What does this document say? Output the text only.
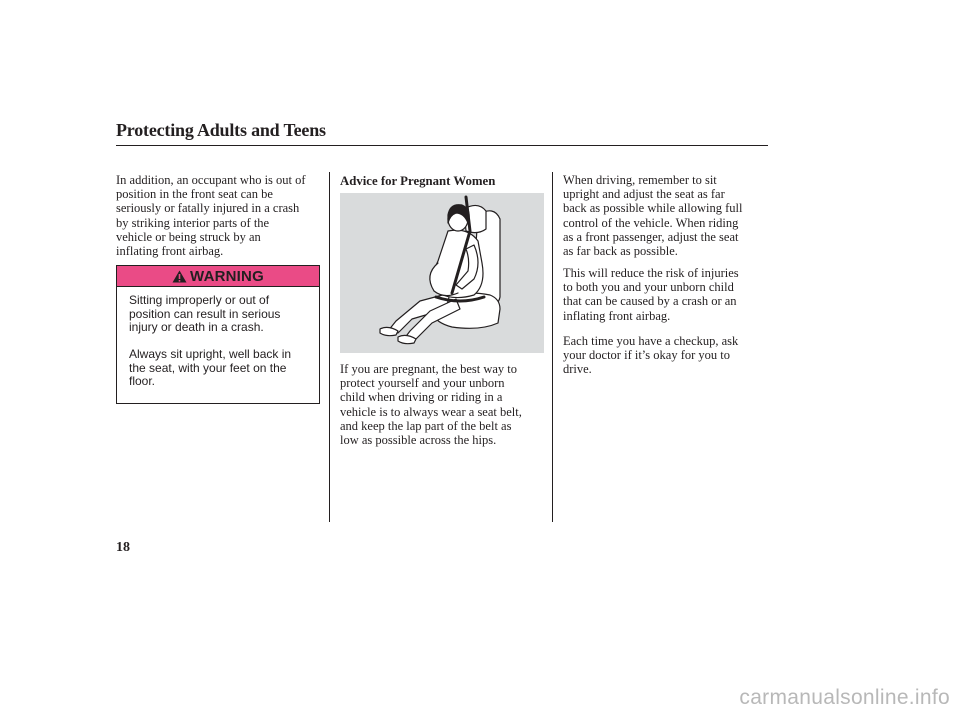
Protecting Adults and Teens

In addition, an occupant who is out of
position in the front seat can be
seriously or fatally injured in a crash
by striking interior parts of the
vehicle or being struck by an
inflating front airbag.

WARNING

Sitting improperly or out of
position can result in serious
injury or death in a crash.

Always sit upright, well back in
the seat, with your feet on the
floor.

Advice for Pregnant Women

If you are pregnant, the best way to
protect yourself and your unborn
child when driving or riding in a
vehicle is to always wear a seat belt,
and keep the lap part of the belt as
low as possible across the hips.

When driving, remember to sit
upright and adjust the seat as far
back as possible while allowing full
control of the vehicle. When riding
as a front passenger, adjust the seat
as far back as possible.

This will reduce the risk of injuries
to both you and your unborn child
that can be caused by a crash or an
inflating front airbag.

Each time you have a checkup, ask
your doctor if it’s okay for you to
drive.

18
carmanualsonline.info
